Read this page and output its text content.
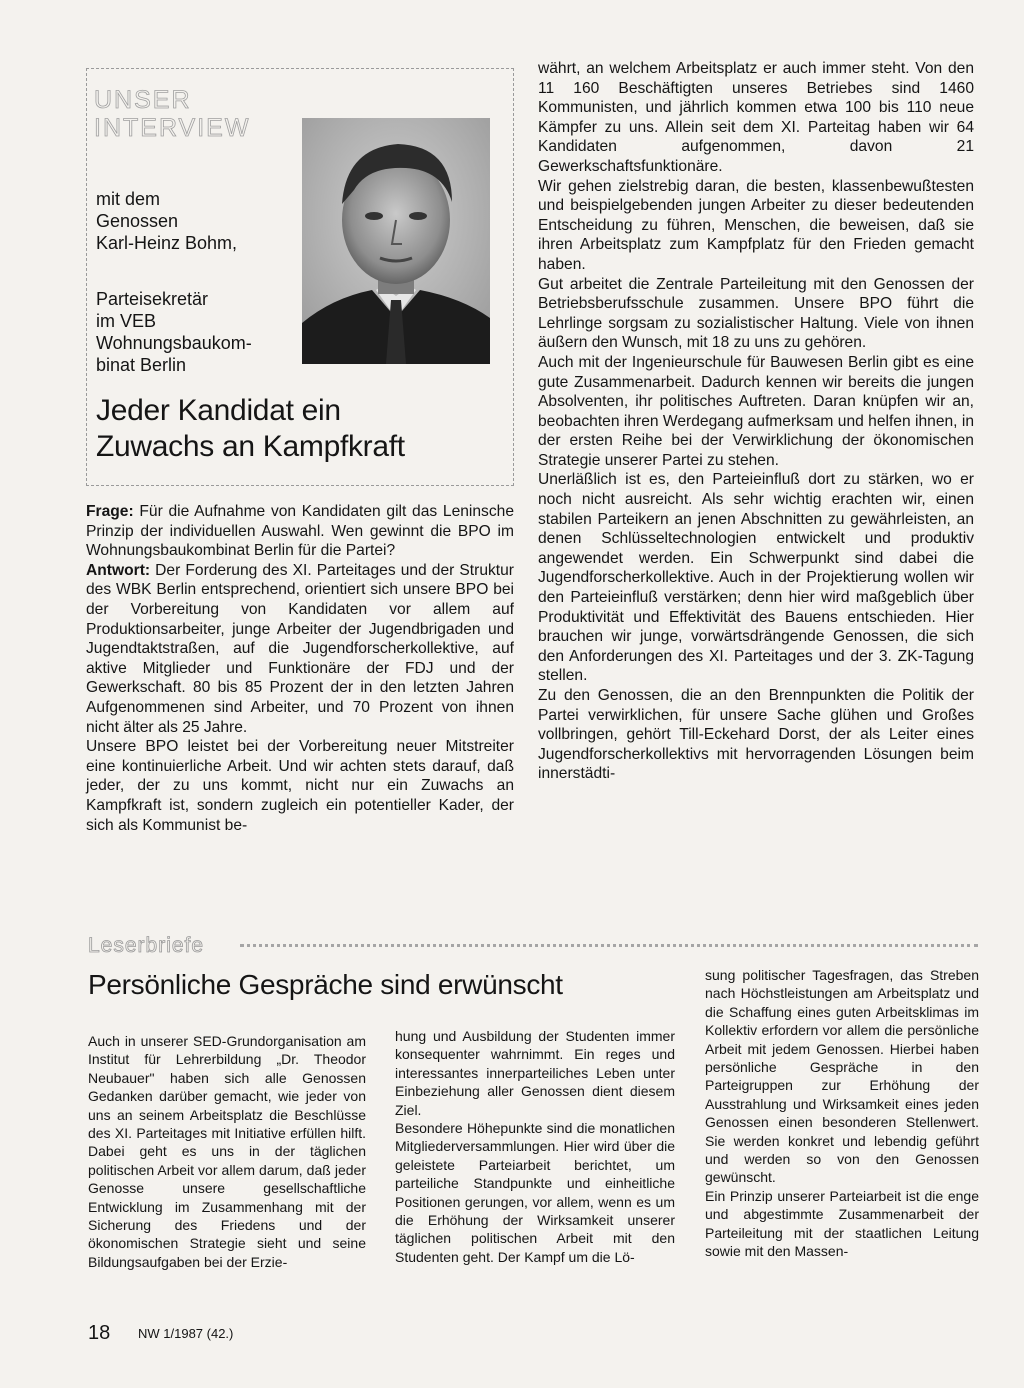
UNSER
INTERVIEW
mit dem
Genossen
Karl-Heinz Bohm,
Parteisekretär
im VEB
Wohnungsbaukom-
binat Berlin
Jeder Kandidat ein
Zuwachs an Kampfkraft

Frage: Für die Aufnahme von Kandidaten gilt das Leninsche Prinzip der individuellen Auswahl. Wen gewinnt die BPO im Wohnungsbaukombinat Berlin für die Partei?

Antwort: Der Forderung des XI. Parteitages und der Struktur des WBK Berlin entsprechend, orientiert sich unsere BPO bei der Vorbereitung von Kandidaten vor allem auf Produktionsarbeiter, junge Arbeiter der Jugendbrigaden und Jugendtaktstraßen, auf die Jugendforscherkollektive, auf aktive Mitglieder und Funktionäre der FDJ und der Gewerkschaft. 80 bis 85 Prozent der in den letzten Jahren Aufgenommenen sind Arbeiter, und 70 Prozent von ihnen nicht älter als 25 Jahre.

Unsere BPO leistet bei der Vorbereitung neuer Mitstreiter eine kontinuierliche Arbeit. Und wir achten stets darauf, daß jeder, der zu uns kommt, nicht nur ein Zuwachs an Kampfkraft ist, sondern zugleich ein potentieller Kader, der sich als Kommunist be-

währt, an welchem Arbeitsplatz er auch immer steht. Von den 11 160 Beschäftigten unseres Betriebes sind 1460 Kommunisten, und jährlich kommen etwa 100 bis 110 neue Kämpfer zu uns. Allein seit dem XI. Parteitag haben wir 64 Kandidaten aufgenommen, davon 21 Gewerkschaftsfunktionäre.

Wir gehen zielstrebig daran, die besten, klassenbewußtesten und beispielgebenden jungen Arbeiter zu dieser bedeutenden Entscheidung zu führen, Menschen, die beweisen, daß sie ihren Arbeitsplatz zum Kampfplatz für den Frieden gemacht haben.

Gut arbeitet die Zentrale Parteileitung mit den Genossen der Betriebsberufsschule zusammen. Unsere BPO führt die Lehrlinge sorgsam zu sozialistischer Haltung. Viele von ihnen äußern den Wunsch, mit 18 zu uns zu gehören.

Auch mit der Ingenieurschule für Bauwesen Berlin gibt es eine gute Zusammenarbeit. Dadurch kennen wir bereits die jungen Absolventen, ihr politisches Auftreten. Daran knüpfen wir an, beobachten ihren Werdegang aufmerksam und helfen ihnen, in der ersten Reihe bei der Verwirklichung der ökonomischen Strategie unserer Partei zu stehen.

Unerläßlich ist es, den Parteieinfluß dort zu stärken, wo er noch nicht ausreicht. Als sehr wichtig erachten wir, einen stabilen Parteikern an jenen Abschnitten zu gewährleisten, an denen Schlüsseltechnologien entwickelt und produktiv angewendet werden. Ein Schwerpunkt sind dabei die Jugendforscherkollektive. Auch in der Projektierung wollen wir den Parteieinfluß verstärken; denn hier wird maßgeblich über Produktivität und Effektivität des Bauens entschieden. Hier brauchen wir junge, vorwärtsdrängende Genossen, die sich den Anforderungen des XI. Parteitages und der 3. ZK-Tagung stellen.

Zu den Genossen, die an den Brennpunkten die Politik der Partei verwirklichen, für unsere Sache glühen und Großes vollbringen, gehört Till-Eckehard Dorst, der als Leiter eines Jugendforscherkollektivs mit hervorragenden Lösungen beim innerstädti-

Leserbriefe
Persönliche Gespräche sind erwünscht

Auch in unserer SED-Grundorganisation am Institut für Lehrerbildung „Dr. Theodor Neubauer" haben sich alle Genossen Gedanken darüber gemacht, wie jeder von uns an seinem Arbeitsplatz die Beschlüsse des XI. Parteitages mit Initiative erfüllen hilft. Dabei geht es uns in der täglichen politischen Arbeit vor allem darum, daß jeder Genosse unsere gesellschaftliche Entwicklung im Zusammenhang mit der Sicherung des Friedens und der ökonomischen Strategie sieht und seine Bildungsaufgaben bei der Erzie-

hung und Ausbildung der Studenten immer konsequenter wahrnimmt. Ein reges und interessantes innerparteiliches Leben unter Einbeziehung aller Genossen dient diesem Ziel.

Besondere Höhepunkte sind die monatlichen Mitgliederversammlungen. Hier wird über die geleistete Parteiarbeit berichtet, um parteiliche Standpunkte und einheitliche Positionen gerungen, vor allem, wenn es um die Erhöhung der Wirksamkeit unserer täglichen politischen Arbeit mit den Studenten geht. Der Kampf um die Lö-

sung politischer Tagesfragen, das Streben nach Höchstleistungen am Arbeitsplatz und die Schaffung eines guten Arbeitsklimas im Kollektiv erfordern vor allem die persönliche Arbeit mit jedem Genossen. Hierbei haben persönliche Gespräche in den Parteigruppen zur Erhöhung der Ausstrahlung und Wirksamkeit eines jeden Genossen einen besonderen Stellenwert. Sie werden konkret und lebendig geführt und werden so von den Genossen gewünscht.

Ein Prinzip unserer Parteiarbeit ist die enge und abgestimmte Zusammenarbeit der Parteileitung mit der staatlichen Leitung sowie mit den Massen-

18 NW 1/1987 (42.)
